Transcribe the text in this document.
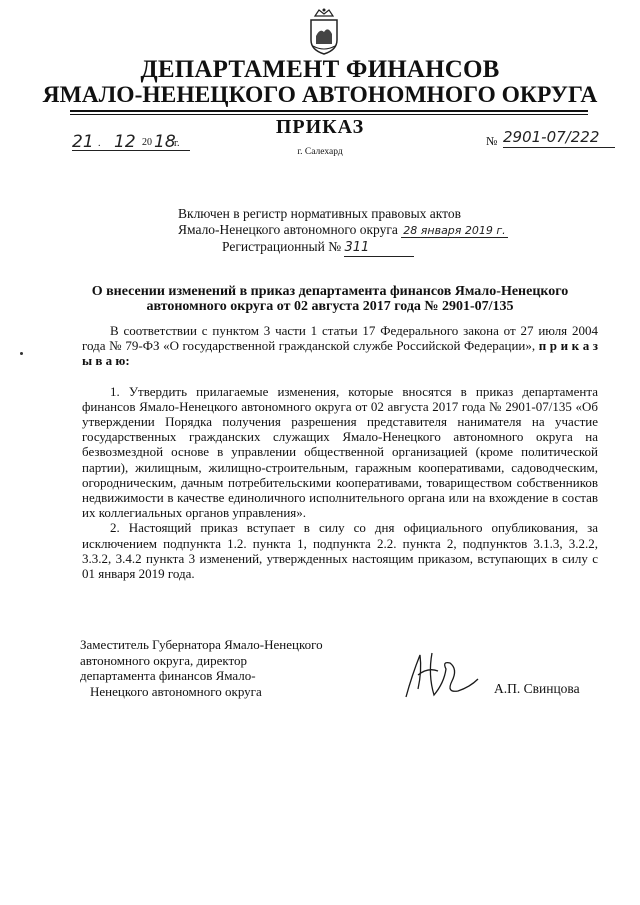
ДЕПАРТАМЕНТ ФИНАНСОВ
ЯМАЛО-НЕНЕЦКОГО АВТОНОМНОГО ОКРУГА
ПРИКАЗ
21 . 12 20 18
г.	№ 2901-07/222
г. Салехард
Включен в регистр нормативных правовых актов
Ямало-Ненецкого автономного округа 28 января 2019 г.
Регистрационный № 311
О внесении изменений в приказ департамента финансов Ямало-Ненецкого
автономного округа от 02 августа 2017 года № 2901-07/135

В соответствии с пунктом 3 части 1 статьи 17 Федерального закона от 27 июля 2004 года № 79-ФЗ «О государственной гражданской службе Российской Федерации», п р и к а з ы в а ю:

1. Утвердить прилагаемые изменения, которые вносятся в приказ департамента финансов Ямало-Ненецкого автономного округа от 02 августа 2017 года № 2901-07/135 «Об утверждении Порядка получения разрешения представителя нанимателя на участие государственных гражданских служащих Ямало-Ненецкого автономного округа на безвозмездной основе в управлении общественной организацией (кроме политической партии), жилищным, жилищно-строительным, гаражным кооперативами, садоводческим, огородническим, дачным потребительскими кооперативами, товариществом собственников недвижимости в качестве единоличного исполнительного органа или на вхождение в состав их коллегиальных органов управления».

2. Настоящий приказ вступает в силу со дня официального опубликования, за исключением подпункта 1.2. пункта 1, подпункта 2.2. пункта 2, подпунктов 3.1.3, 3.2.2, 3.3.2, 3.4.2 пункта 3 изменений, утвержденных настоящим приказом, вступающих в силу с 01 января 2019 года.

Заместитель Губернатора Ямало-Ненецкого
автономного округа, директор
департамента финансов Ямало-
Ненецкого автономного округа	А.П. Свинцова
